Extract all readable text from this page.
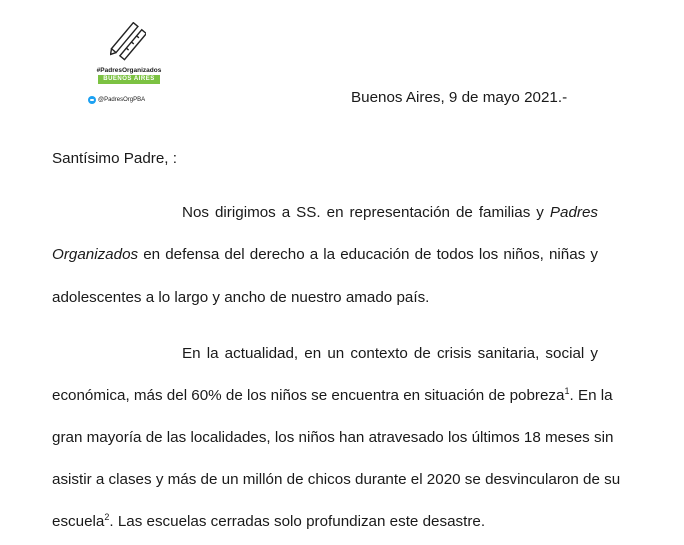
#PadresOrganizados
BUENOS AIRES
@PadresOrgPBA	Buenos Aires, 9 de mayo 2021.-
Santísimo Padre, :
Nos dirigimos a SS. en representación de familias y Padres
Organizados en defensa del derecho a la educación de todos los niños, niñas y
adolescentes a lo largo y ancho de nuestro amado país.
En la actualidad, en un contexto de crisis sanitaria, social y
económica, más del 60% de los niños se encuentra en situación de pobreza$^1$. En la
gran mayoría de las localidades, los niños han atravesado los últimos 18 meses sin
asistir a clases y más de un millón de chicos durante el 2020 se desvincularon de su
escuela$^2$. Las escuelas cerradas solo profundizan este desastre.
